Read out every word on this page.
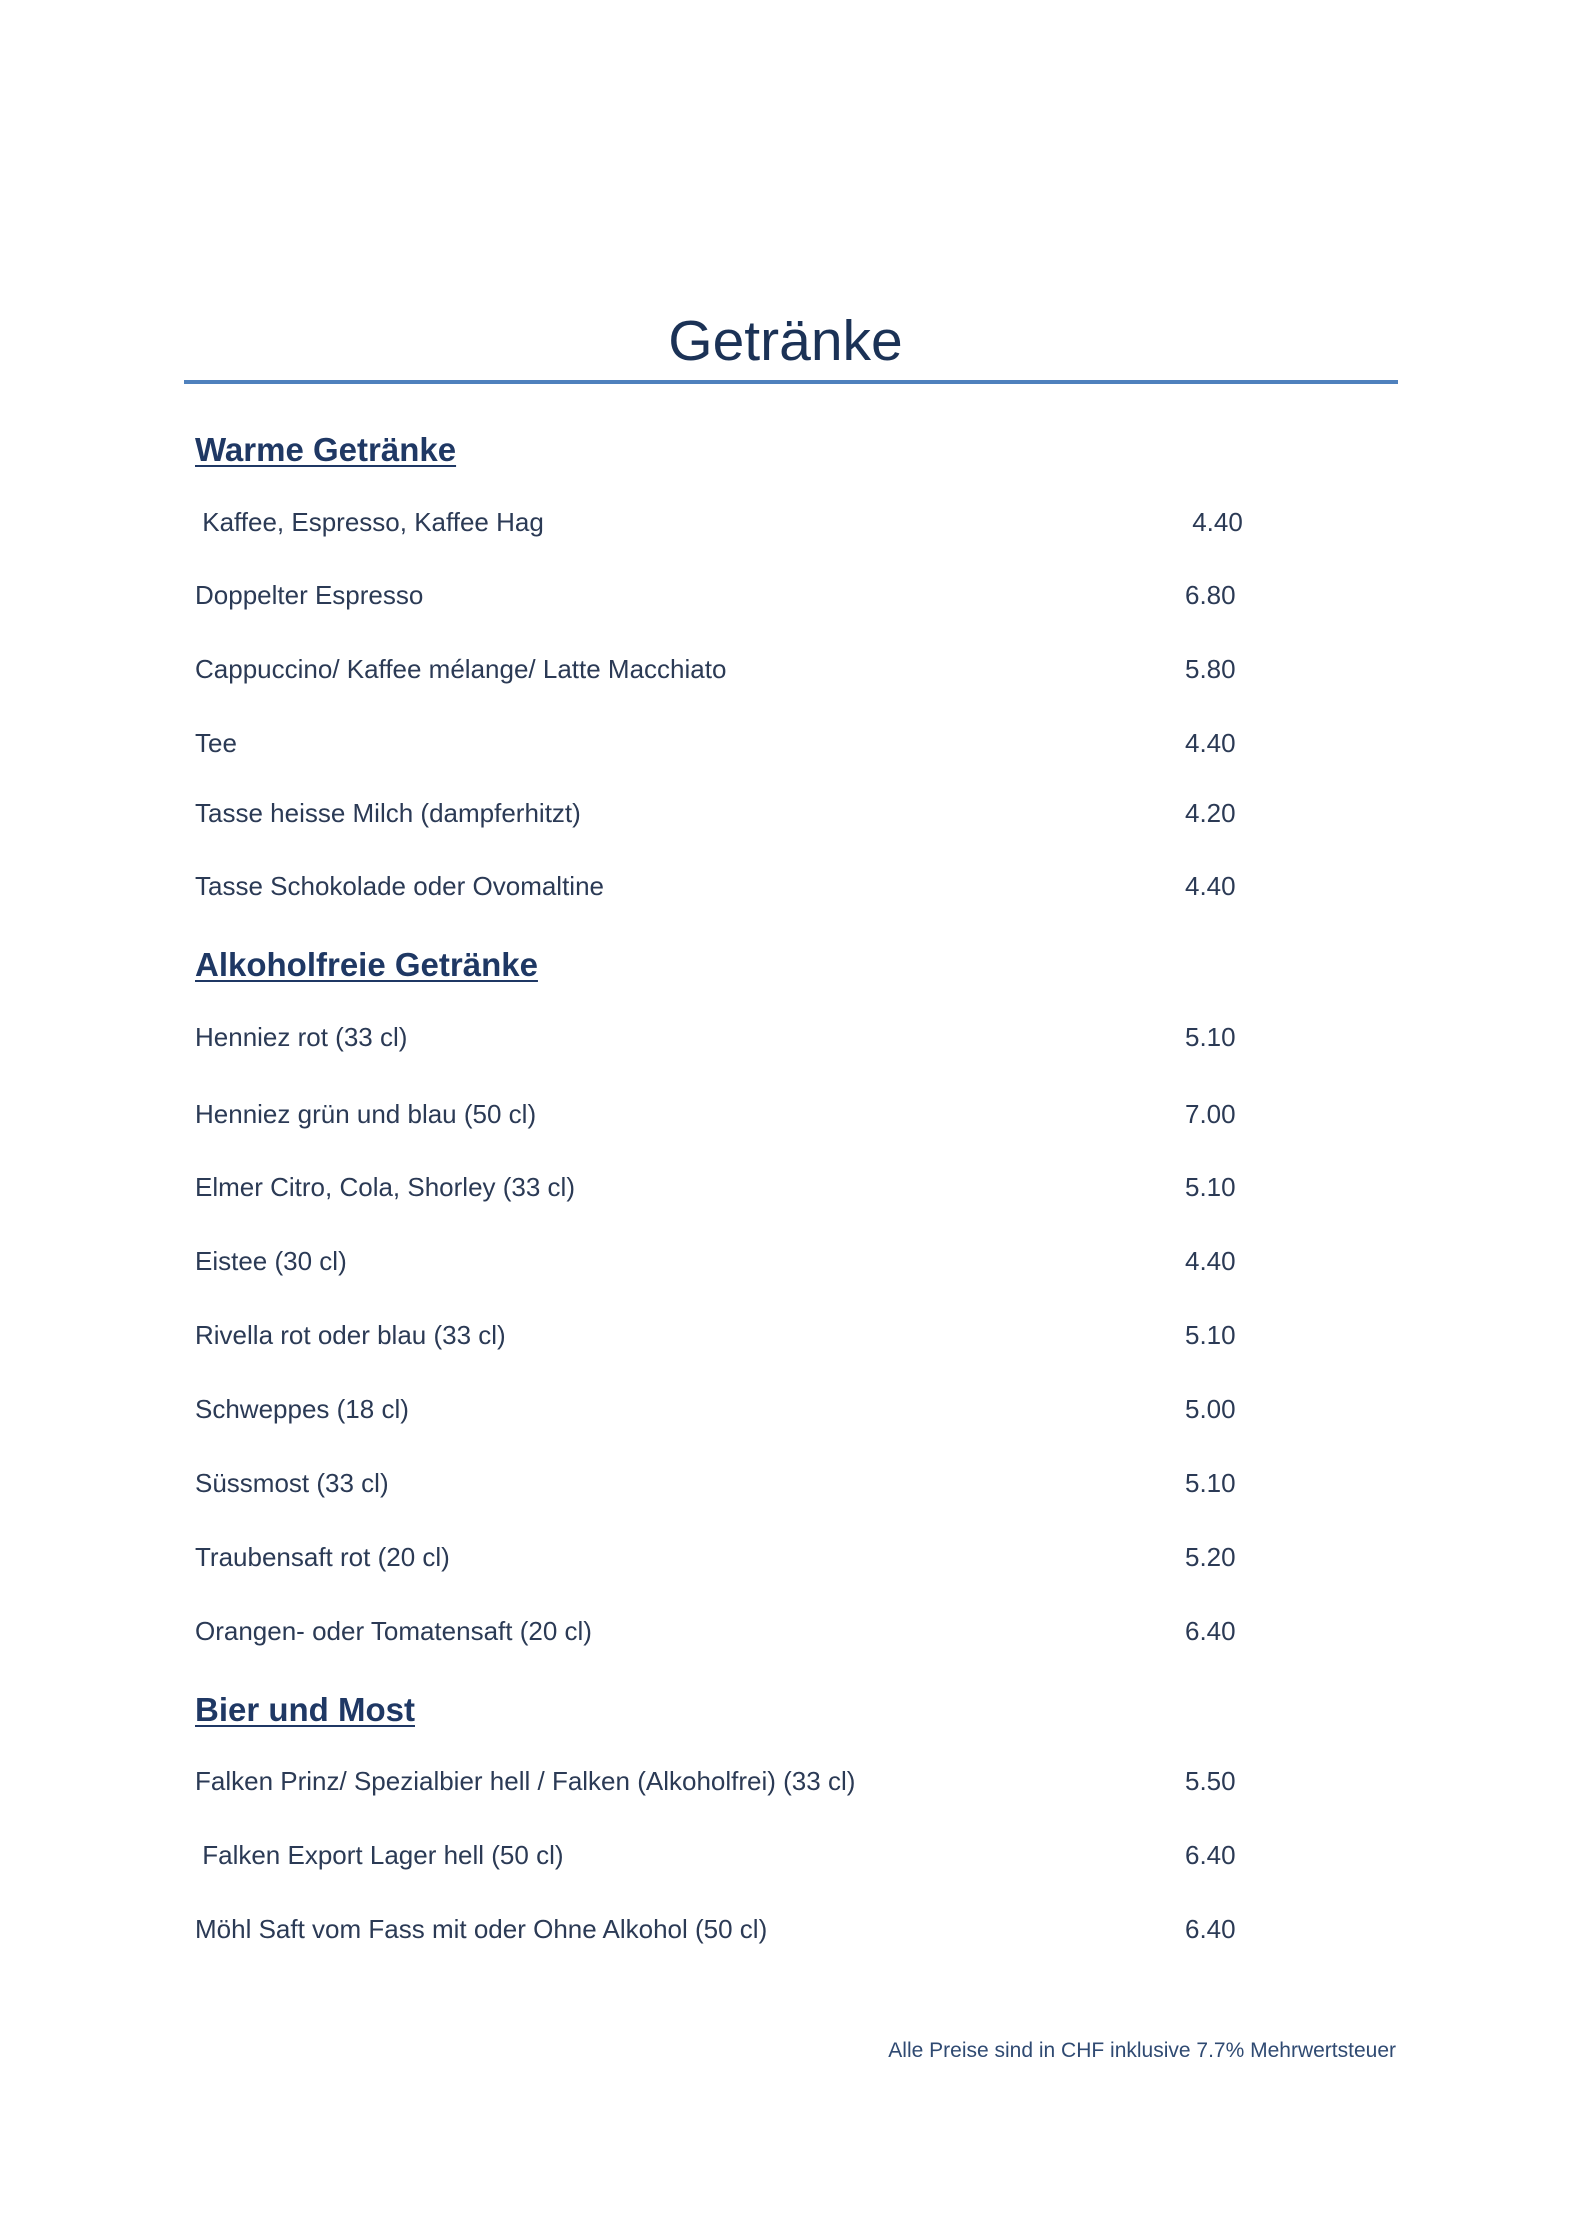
Getränke
Warme Getränke
Kaffee, Espresso, Kaffee Hag	4.40
Doppelter Espresso	6.80
Cappuccino/ Kaffee mélange/ Latte Macchiato	5.80
Tee	4.40
Tasse heisse Milch (dampferhitzt)	4.20
Tasse Schokolade oder Ovomaltine	4.40
Alkoholfreie Getränke
Henniez rot (33 cl)	5.10
Henniez grün und blau (50 cl)	7.00
Elmer Citro, Cola, Shorley (33 cl)	5.10
Eistee (30 cl)	4.40
Rivella rot oder blau (33 cl)	5.10
Schweppes (18 cl)	5.00
Süssmost (33 cl)	5.10
Traubensaft rot (20 cl)	5.20
Orangen- oder Tomatensaft (20 cl)	6.40
Bier und Most
Falken Prinz/ Spezialbier hell / Falken (Alkoholfrei) (33 cl)	5.50
Falken Export Lager hell (50 cl)	6.40
Möhl Saft vom Fass mit oder Ohne Alkohol (50 cl)	6.40
Alle Preise sind in CHF inklusive 7.7% Mehrwertsteuer
